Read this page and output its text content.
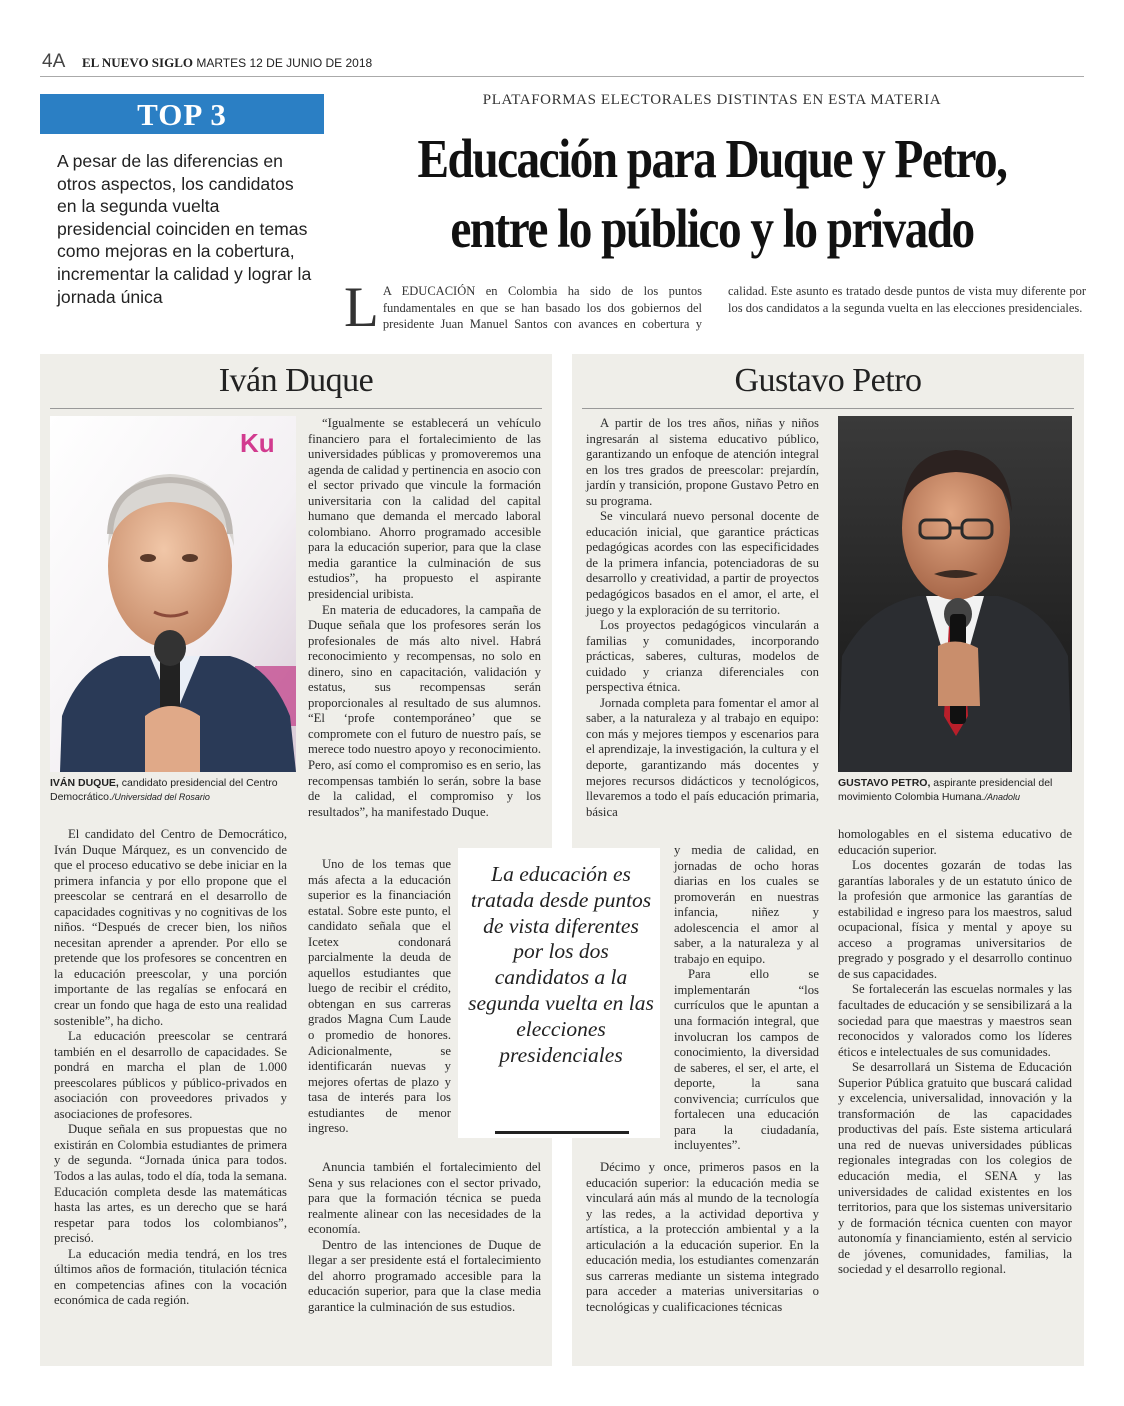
4A EL NUEVO SIGLO MARTES 12 DE JUNIO DE 2018
TOP 3
A pesar de las diferencias en otros aspectos, los candidatos en la segunda vuelta presidencial coinciden en temas como mejoras en la cobertura, incrementar la calidad y lograr la jornada única
PLATAFORMAS ELECTORALES DISTINTAS EN ESTA MATERIA
Educación para Duque y Petro,
entre lo público y lo privado
L A EDUCACIÓN en Colombia ha sido de los puntos fundamentales en que se han basado los dos gobiernos del presidente Juan Manuel Santos con avances en cobertura y calidad. Este asunto es tratado desde puntos de vista muy diferente por los dos candidatos a la segunda vuelta en las elecciones presidenciales.
Iván Duque	Gustavo Petro
Ku
IVÁN DUQUE, candidato presidencial del Centro Democrático./Universidad del Rosario

El candidato del Centro de Democrático, Iván Duque Márquez, es un convencido de que el proceso educativo se debe iniciar en la primera infancia y por ello propone que el preescolar se centrará en el desarrollo de capacidades cognitivas y no cognitivas de los niños. “Después de crecer bien, los niños necesitan aprender a aprender. Por ello se pretende que los profesores se concentren en la educación preescolar, y una porción importante de las regalías se enfocará en crear un fondo que haga de esto una realidad sostenible”, ha dicho.

La educación preescolar se centrará también en el desarrollo de capacidades. Se pondrá en marcha el plan de 1.000 preescolares públicos y público-privados en asociación con proveedores privados y asociaciones de profesores.

Duque señala en sus propuestas que no existirán en Colombia estudiantes de primera y de segunda. “Jornada única para todos. Todos a las aulas, todo el día, toda la semana. Educación completa desde las matemáticas hasta las artes, es un derecho que se hará respetar para todos los colombianos”, precisó.

La educación media tendrá, en los tres últimos años de formación, titulación técnica en competencias afines con la vocación económica de cada región.

“Igualmente se establecerá un vehículo financiero para el fortalecimiento de las universidades públicas y promoveremos una agenda de calidad y pertinencia en asocio con el sector privado que vincule la formación universitaria con la calidad del capital humano que demanda el mercado laboral colombiano. Ahorro programado accesible para la educación superior, para que la clase media garantice la culminación de sus estudios”, ha propuesto el aspirante presidencial uribista.

En materia de educadores, la campaña de Duque señala que los profesores serán los profesionales de más alto nivel. Habrá reconocimiento y recompensas, no solo en dinero, sino en capacitación, validación y estatus, sus recompensas serán proporcionales al resultado de sus alumnos. “El ‘profe contemporáneo’ que se compromete con el futuro de nuestro país, se merece todo nuestro apoyo y reconocimiento. Pero, así como el compromiso es en serio, las recompensas también lo serán, sobre la base de la calidad, el compromiso y los resultados”, ha manifestado Duque.

Uno de los temas que más afecta a la educación superior es la financiación estatal. Sobre este punto, el candidato señala que el Icetex condonará parcialmente la deuda de aquellos estudiantes que luego de recibir el crédito, obtengan en sus carreras grados Magna Cum Laude o promedio de honores. Adicionalmente, se identificarán nuevas y mejores ofertas de plazo y tasa de interés para los estudiantes de menor ingreso.

Anuncia también el fortalecimiento del Sena y sus relaciones con el sector privado, para que la formación técnica se pueda realmente alinear con las necesidades de la economía.

Dentro de las intenciones de Duque de llegar a ser presidente está el fortalecimiento del ahorro programado accesible para la educación superior, para que la clase media garantice la culminación de sus estudios.

A partir de los tres años, niñas y niños ingresarán al sistema educativo público, garantizando un enfoque de atención integral en los tres grados de preescolar: prejardín, jardín y transición, propone Gustavo Petro en su programa.

Se vinculará nuevo personal docente de educación inicial, que garantice prácticas pedagógicas acordes con las especificidades de la primera infancia, potenciadoras de su desarrollo y creatividad, a partir de proyectos pedagógicos basados en el amor, el arte, el juego y la exploración de su territorio.

Los proyectos pedagógicos vincularán a familias y comunidades, incorporando prácticas, saberes, culturas, modelos de cuidado y crianza diferenciales con perspectiva étnica.

Jornada completa para fomentar el amor al saber, a la naturaleza y al trabajo en equipo: con más y mejores tiempos y escenarios para el aprendizaje, la investigación, la cultura y el deporte, garantizando más docentes y mejores recursos didácticos y tecnológicos, llevaremos a todo el país educación primaria, básica

y media de calidad, en jornadas de ocho horas diarias en los cuales se promoverán en nuestras infancia, niñez y adolescencia el amor al saber, a la naturaleza y al trabajo en equipo.

Para ello se implementarán “los currículos que le apuntan a una formación integral, que involucran los campos de conocimiento, la diversidad de saberes, el ser, el arte, el deporte, la sana convivencia; currículos que fortalecen una educación para la ciudadanía, incluyentes”.

Décimo y once, primeros pasos en la educación superior: la educación media se vinculará aún más al mundo de la tecnología y las redes, a la actividad deportiva y artística, a la protección ambiental y a la articulación a la educación superior. En la educación media, los estudiantes comenzarán sus carreras mediante un sistema integrado para acceder a materias universitarias o tecnológicas y cualificaciones técnicas

GUSTAVO PETRO, aspirante presidencial del movimiento Colombia Humana./Anadolu

homologables en el sistema educativo de educación superior.

Los docentes gozarán de todas las garantías laborales y de un estatuto único de la profesión que armonice las garantías de estabilidad e ingreso para los maestros, salud ocupacional, física y mental y apoye su acceso a programas universitarios de pregrado y posgrado y el desarrollo continuo de sus capacidades.

Se fortalecerán las escuelas normales y las facultades de educación y se sensibilizará a la sociedad para que maestras y maestros sean reconocidos y valorados como los líderes éticos e intelectuales de sus comunidades.

Se desarrollará un Sistema de Educación Superior Pública gratuito que buscará calidad y excelencia, universalidad, innovación y la transformación de las capacidades productivas del país. Este sistema articulará una red de nuevas universidades públicas regionales integradas con los colegios de educación media, el SENA y las universidades de calidad existentes en los territorios, para que los sistemas universitario y de formación técnica cuenten con mayor autonomía y financiamiento, estén al servicio de jóvenes, comunidades, familias, la sociedad y el desarrollo regional.

La educación es tratada desde puntos de vista diferentes por los dos candidatos a la segunda vuelta en las elecciones presidenciales
